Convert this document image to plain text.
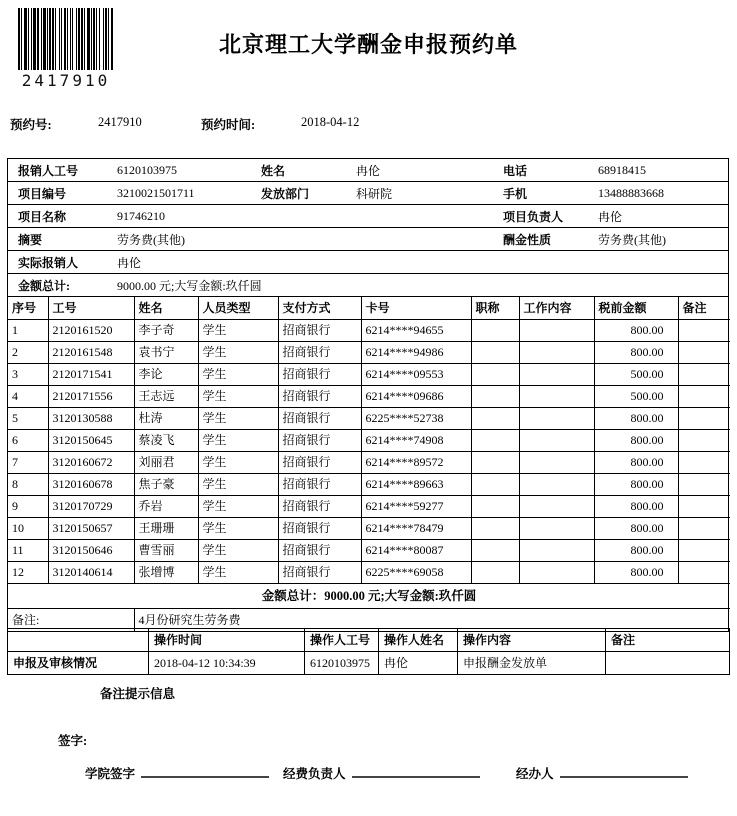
2417910
北京理工大学酬金申报预约单
预约号:	2417910	预约时间:	2018-04-12
报销人工号	6120103975	姓名	冉伦	电话	68918415
项目编号	3210021501711	发放部门	科研院	手机	13488883668
项目名称	91746210	项目负责人	冉伦
摘要	劳务费(其他)	酬金性质	劳务费(其他)
实际报销人	冉伦
金额总计:	9000.00 元;大写金额:玖仟圆
序号	工号	姓名	人员类型	支付方式	卡号	职称	工作内容	税前金额	备注
1	2120161520	李子奇	学生	招商银行	6214****94655			800.00	
2	2120161548	袁书宁	学生	招商银行	6214****94986			800.00	
3	2120171541	李论	学生	招商银行	6214****09553			500.00	
4	2120171556	王志远	学生	招商银行	6214****09686			500.00	
5	3120130588	杜涛	学生	招商银行	6225****52738			800.00	
6	3120150645	蔡凌飞	学生	招商银行	6214****74908			800.00	
7	3120160672	刘丽君	学生	招商银行	6214****89572			800.00	
8	3120160678	焦子豪	学生	招商银行	6214****89663			800.00	
9	3120170729	乔岩	学生	招商银行	6214****59277			800.00	
10	3120150657	王珊珊	学生	招商银行	6214****78479			800.00	
11	3120150646	曹雪丽	学生	招商银行	6214****80087			800.00	
12	3120140614	张增博	学生	招商银行	6225****69058			800.00	
金额总计：9000.00 元;大写金额:玖仟圆									
备注:		4月份研究生劳务费							
	操作时间	操作人工号	操作人姓名	操作内容	备注
申报及审核情况	2018-04-12 10:34:39	6120103975	冉伦	申报酬金发放单	
备注提示信息
签字:
学院签字	经费负责人	经办人
